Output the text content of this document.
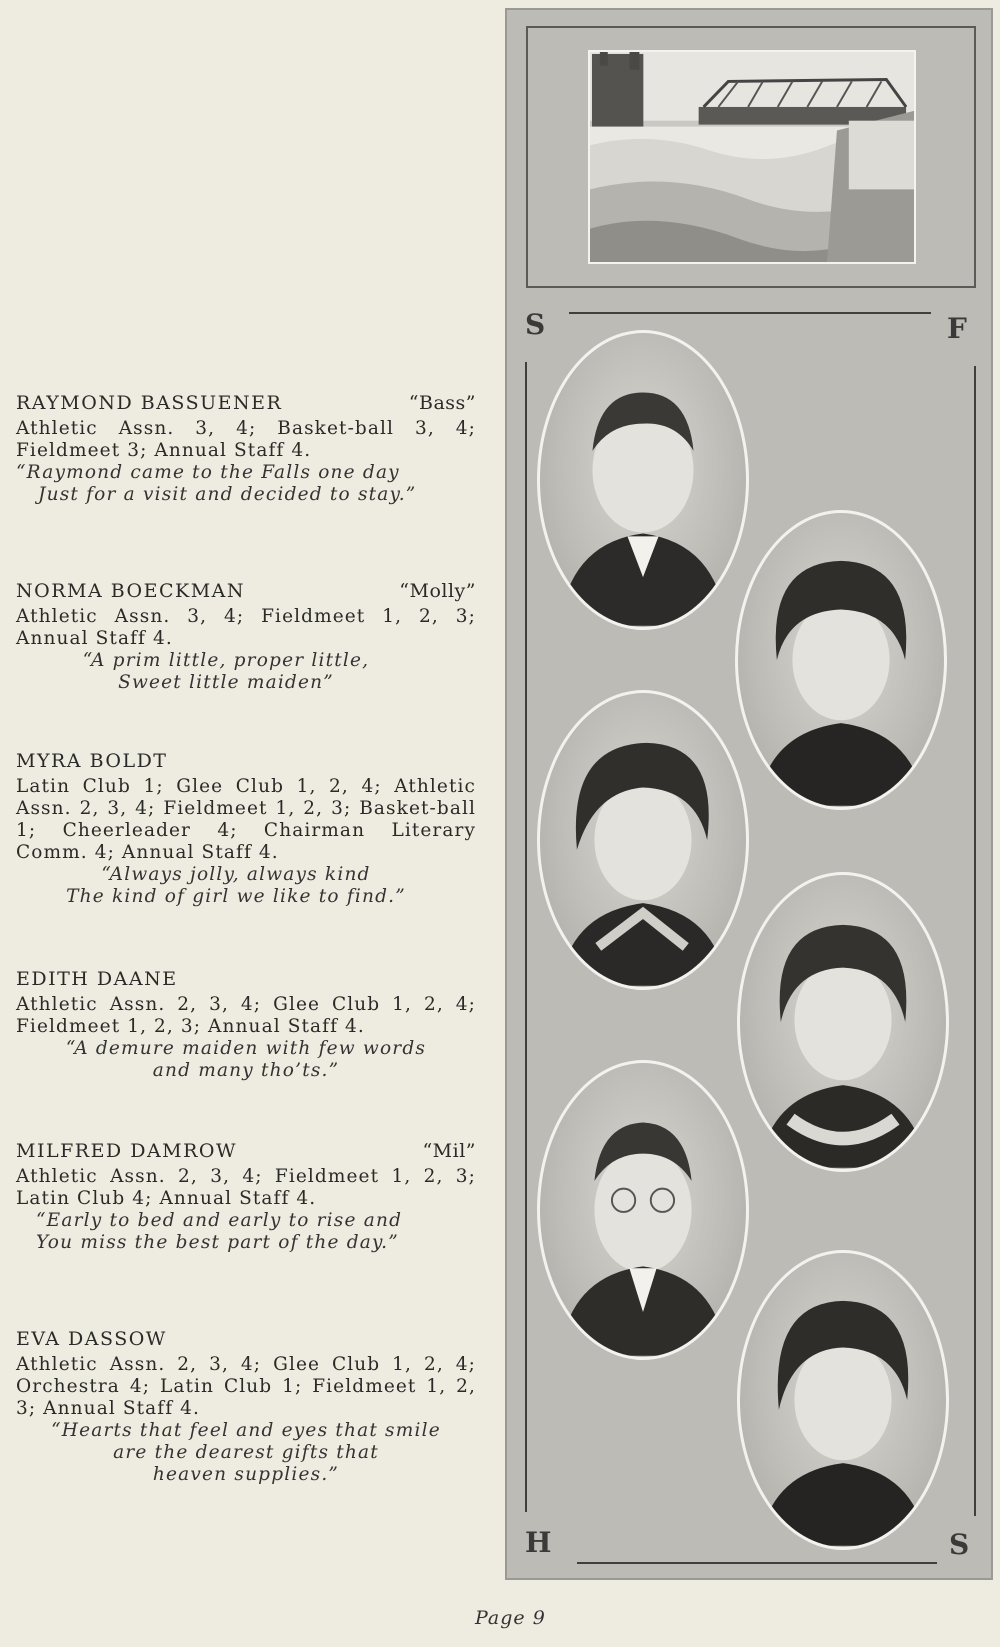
RAYMOND BASSUENER	“Bass”
Athletic Assn. 3, 4; Basket-ball 3, 4; Fieldmeet 3; Annual Staff 4.
“Raymond came to the Falls one day
Just for a visit and decided to stay.”
NORMA BOECKMAN	“Molly”
Athletic Assn. 3, 4; Fieldmeet 1, 2, 3; Annual Staff 4.
“A prim little, proper little,
Sweet little maiden”
MYRA BOLDT
Latin Club 1; Glee Club 1, 2, 4; Athletic Assn. 2, 3, 4; Fieldmeet 1, 2, 3; Basket-ball 1; Cheerleader 4; Chairman Literary Comm. 4; Annual Staff 4.
“Always jolly, always kind
The kind of girl we like to find.”
EDITH DAANE
Athletic Assn. 2, 3, 4; Glee Club 1, 2, 4; Fieldmeet 1, 2, 3; Annual Staff 4.
“A demure maiden with few words
and many tho’ts.”
MILFRED DAMROW	“Mil”
Athletic Assn. 2, 3, 4; Fieldmeet 1, 2, 3; Latin Club 4; Annual Staff 4.
“Early to bed and early to rise and
You miss the best part of the day.”
EVA DASSOW
Athletic Assn. 2, 3, 4; Glee Club 1, 2, 4; Orchestra 4; Latin Club 1; Fieldmeet 1, 2, 3; Annual Staff 4.
“Hearts that feel and eyes that smile
are the dearest gifts that
heaven supplies.”
S	F
H	S
Page 9
